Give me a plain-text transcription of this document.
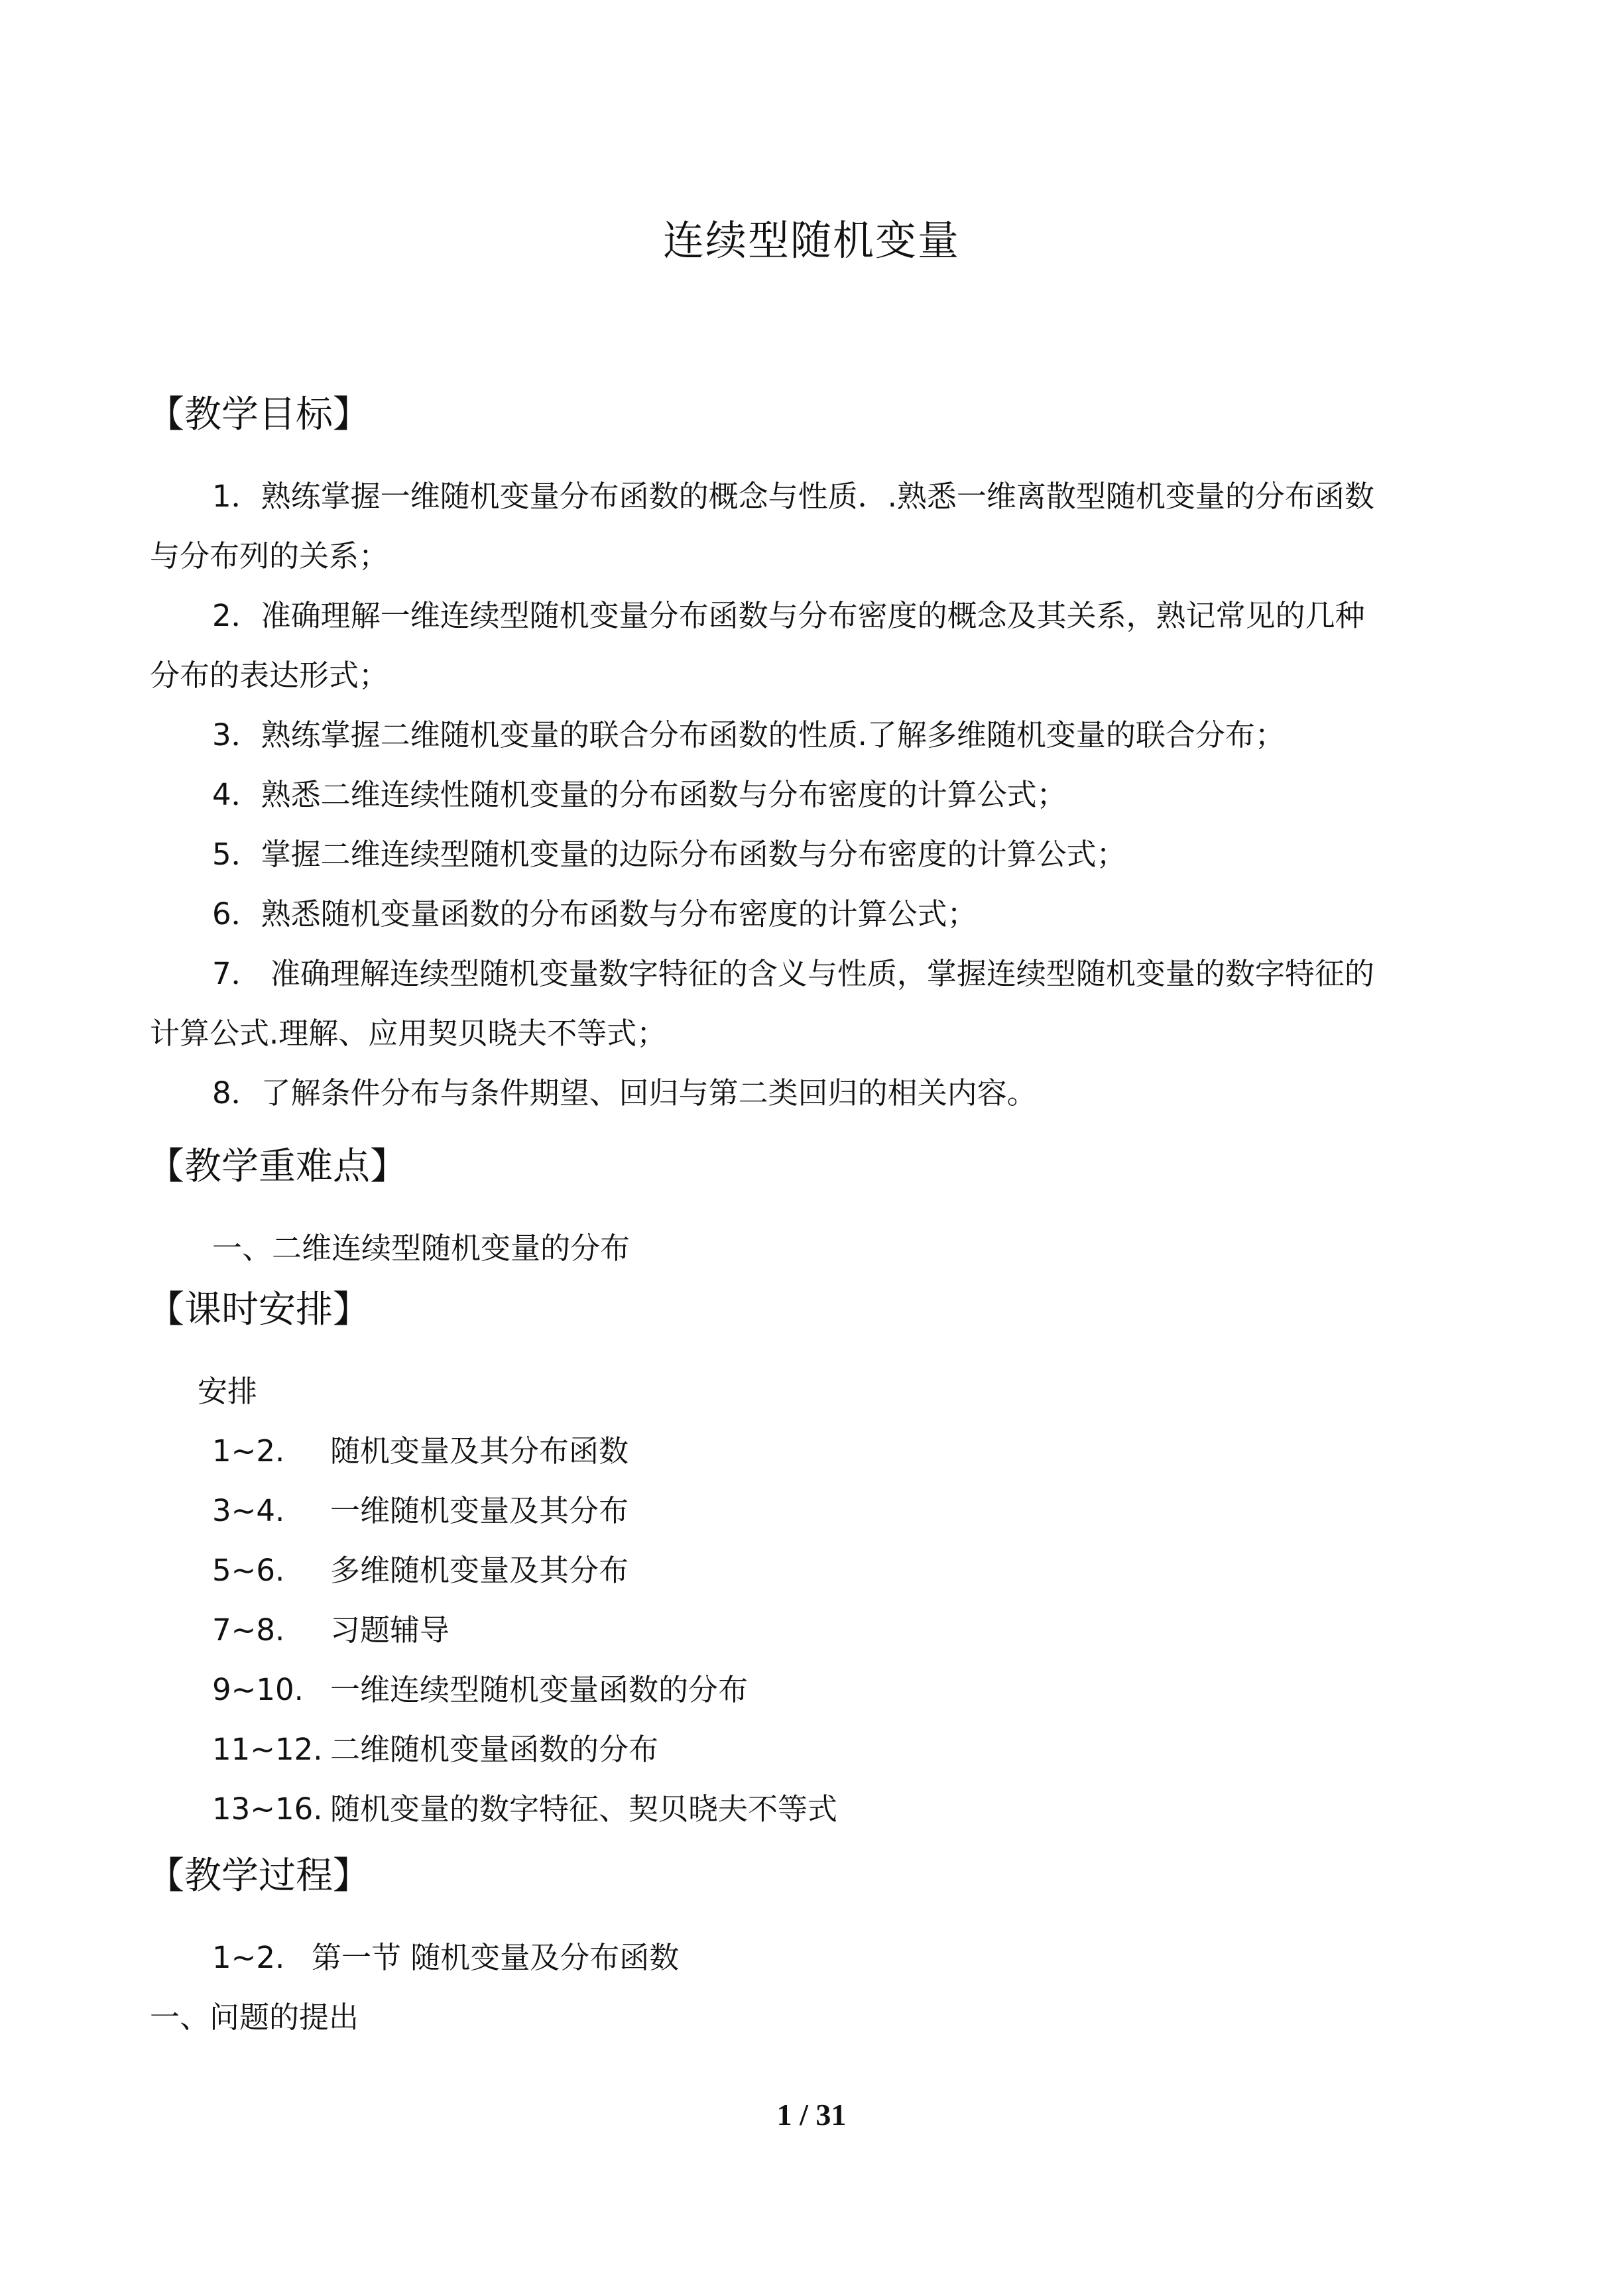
连续型随机变量
【教学目标】
1．熟练掌握一维随机变量分布函数的概念与性质．.熟悉一维离散型随机变量的分布函数
与分布列的关系；
2．准确理解一维连续型随机变量分布函数与分布密度的概念及其关系，熟记常见的几种
分布的表达形式；
3．熟练掌握二维随机变量的联合分布函数的性质.了解多维随机变量的联合分布；
4．熟悉二维连续性随机变量的分布函数与分布密度的计算公式；
5．掌握二维连续型随机变量的边际分布函数与分布密度的计算公式；
6．熟悉随机变量函数的分布函数与分布密度的计算公式；
7． 准确理解连续型随机变量数字特征的含义与性质，掌握连续型随机变量的数字特征的
计算公式.理解、应用契贝晓夫不等式；
8．了解条件分布与条件期望、回归与第二类回归的相关内容。
【教学重难点】
一、二维连续型随机变量的分布
【课时安排】
安排
1~2. 随机变量及其分布函数
3~4. 一维随机变量及其分布
5~6. 多维随机变量及其分布
7~8. 习题辅导
9~10. 一维连续型随机变量函数的分布
11~12. 二维随机变量函数的分布
13~16. 随机变量的数字特征、契贝晓夫不等式
【教学过程】
1~2. 第一节 随机变量及分布函数
一、问题的提出
1 / 31
